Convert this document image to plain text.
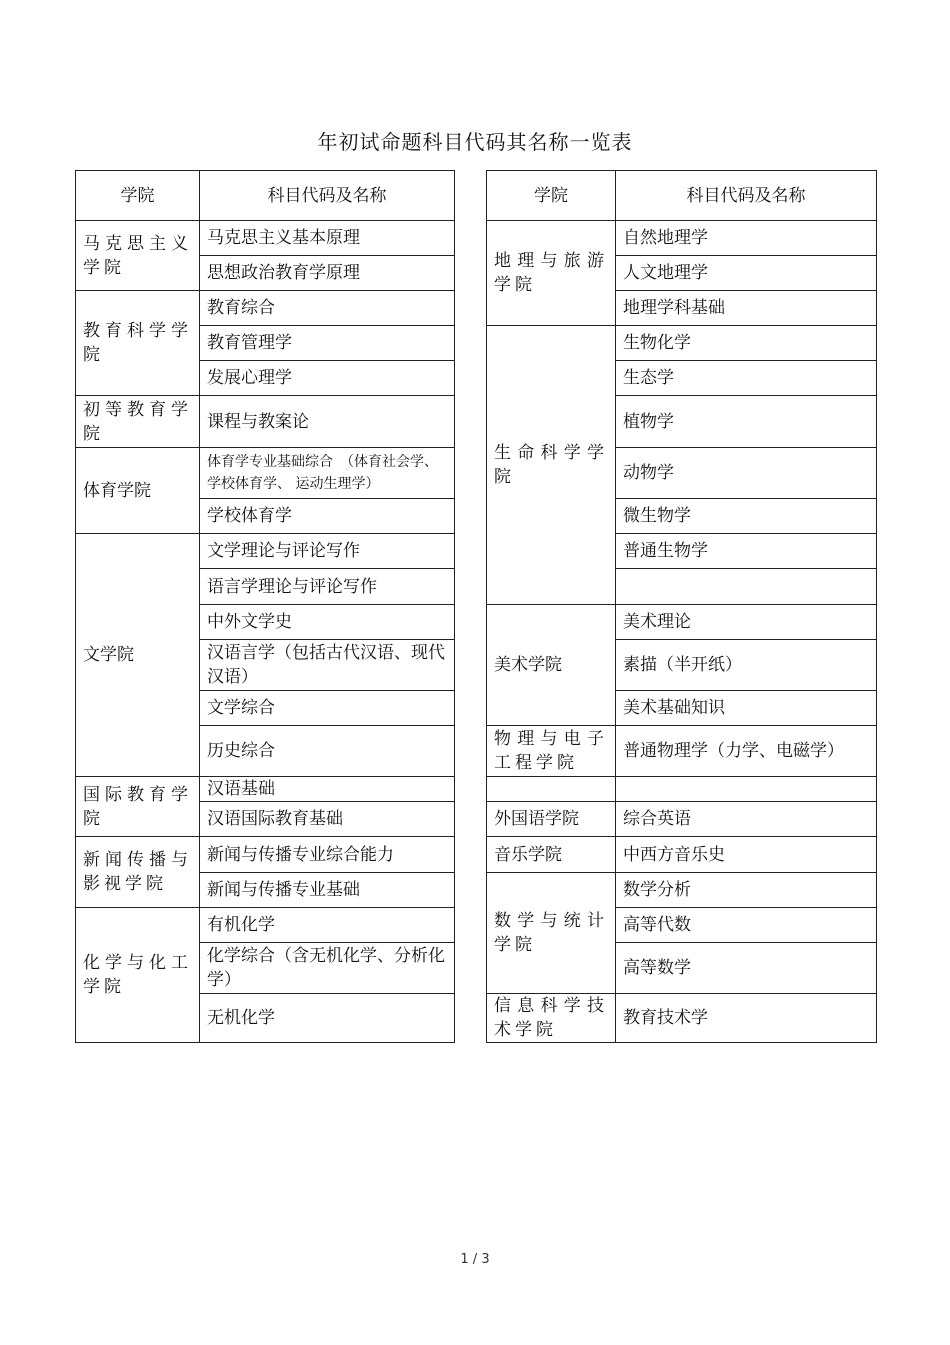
年初试命题科目代码其名称一览表
学院	科目代码及名称
马克思主义学院	马克思主义基本原理
	思想政治教育学原理
教育科学学院	教育综合
	教育管理学
	发展心理学
初等教育学院	课程与教案论
体育学院	体育学专业基础综合　（体育社会学、学校体育学、 运动生理学）
	学校体育学
文学院	文学理论与评论写作
	语言学理论与评论写作
	中外文学史
	汉语言学（包括古代汉语、现代汉语）
	文学综合
	历史综合
国际教育学院	汉语基础
	汉语国际教育基础
新闻传播与影视学院	新闻与传播专业综合能力
	新闻与传播专业基础
化学与化工学院	有机化学
	化学综合（含无机化学、分析化学）
	无机化学
学院	科目代码及名称
地理与旅游学院	自然地理学
	人文地理学
	地理学科基础
生命科学学院	生物化学
	生态学
	植物学
	动物学
	微生物学
	普通生物学

美术学院	美术理论
	素描（半开纸）
	美术基础知识
物理与电子工程学院	普通物理学（力学、电磁学）

外国语学院	综合英语
音乐学院	中西方音乐史
数学与统计学院	数学分析
	高等代数
	高等数学
信息科学技术学院	教育技术学
1 / 3
